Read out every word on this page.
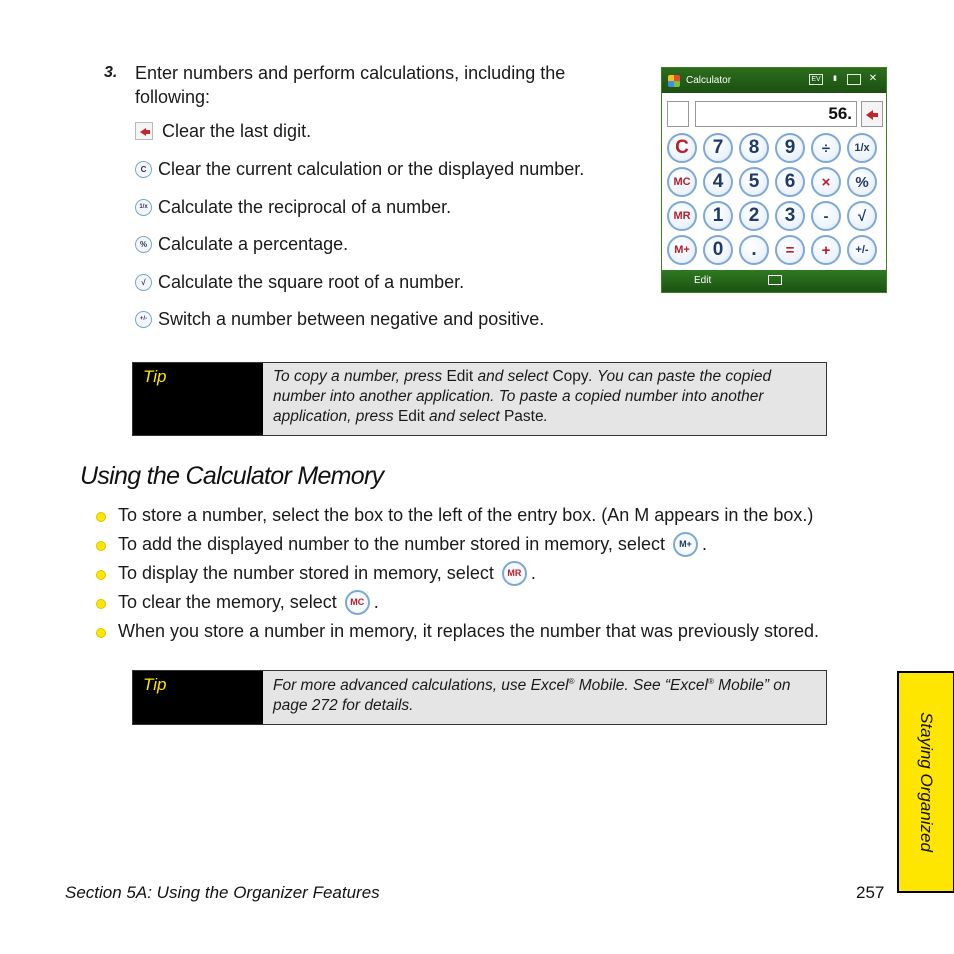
3. Enter numbers and perform calculations, including the following:
Clear the last digit.
C Clear the current calculation or the displayed number.
1/x Calculate the reciprocal of a number.
% Calculate a percentage.
√ Calculate the square root of a number.
+/- Switch a number between negative and positive.
Calculator	EV	▮	✕
56.
C	7	8	9	÷	1/x
MC	4	5	6	×	%
MR	1	2	3	-	√
M+	0	.	=	+	+/-
Edit
Tip	To copy a number, press Edit and select Copy. You can paste the copied number into another application. To paste a copied number into another application, press Edit and select Paste.
Using the Calculator Memory
To store a number, select the box to the left of the entry box. (An M appears in the box.)
To add the displayed number to the number stored in memory, select	M+ .
To display the number stored in memory, select	MR .
To clear the memory, select	MC .
When you store a number in memory, it replaces the number that was previously stored.
Tip	For more advanced calculations, use Excel® Mobile. See “Excel® Mobile” on page 272 for details.
Staying Organized
Section 5A: Using the Organizer Features	257
